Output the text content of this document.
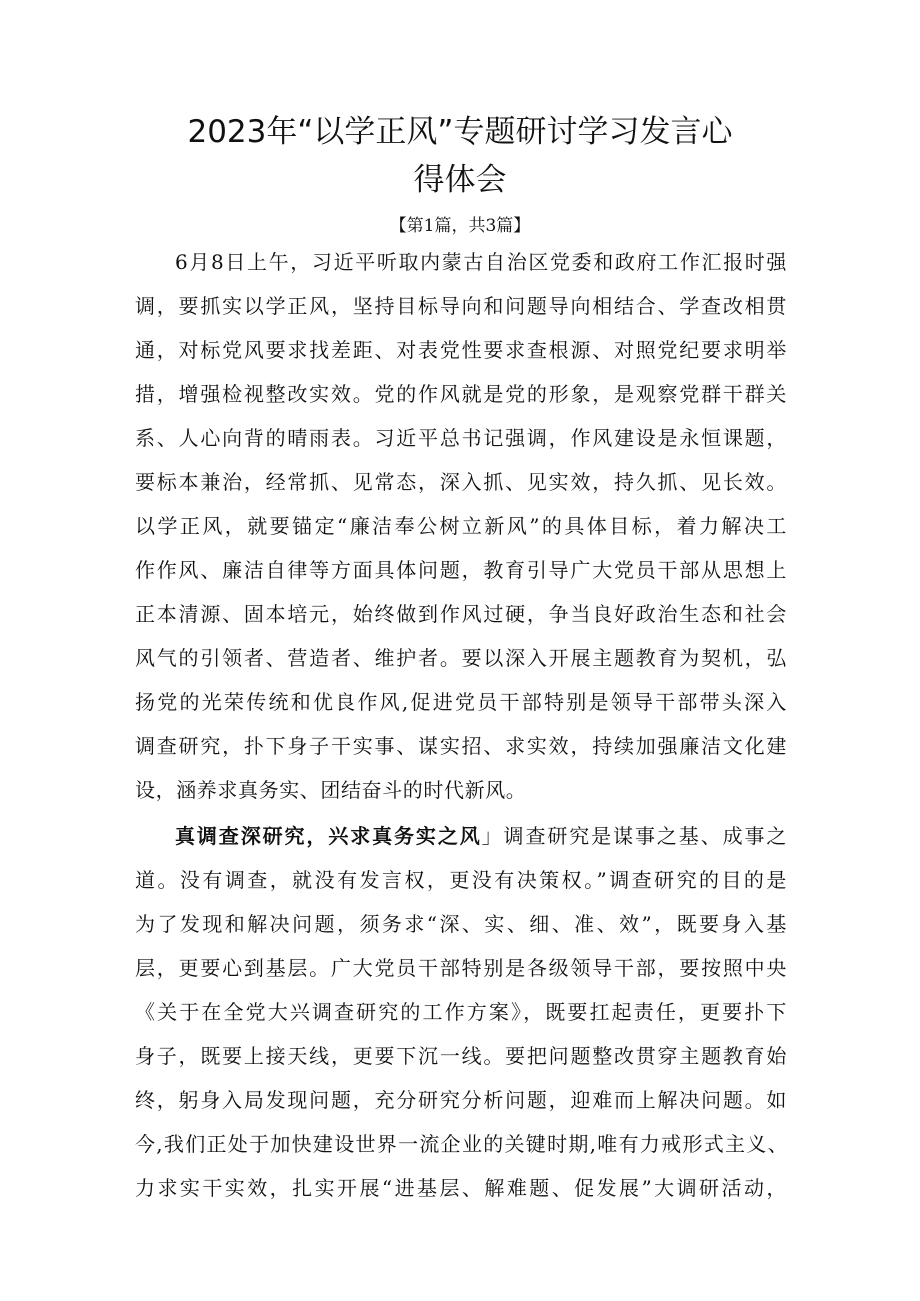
2023年“以学正风”专题研讨学习发言心
得体会

【第1篇，共3篇】

6月8日上午，习近平听取内蒙古自治区党委和政府工作汇报时强

调，要抓实以学正风，坚持目标导向和问题导向相结合、学查改相贯

通，对标党风要求找差距、对表党性要求查根源、对照党纪要求明举

措，增强检视整改实效。党的作风就是党的形象，是观察党群干群关

系、人心向背的晴雨表。习近平总书记强调，作风建设是永恒课题，

要标本兼治，经常抓、见常态，深入抓、见实效，持久抓、见长效。

以学正风，就要锚定“廉洁奉公树立新风”的具体目标，着力解决工

作作风、廉洁自律等方面具体问题，教育引导广大党员干部从思想上

正本清源、固本培元，始终做到作风过硬，争当良好政治生态和社会

风气的引领者、营造者、维护者。要以深入开展主题教育为契机，弘

扬党的光荣传统和优良作风,促进党员干部特别是领导干部带头深入

调查研究，扑下身子干实事、谋实招、求实效，持续加强廉洁文化建

设，涵养求真务实、团结奋斗的时代新风。

真调查深研究，兴求真务实之风」调查研究是谋事之基、成事之

道。没有调查，就没有发言权，更没有决策权。”调查研究的目的是

为了发现和解决问题，须务求“深、实、细、准、效”，既要身入基

层，更要心到基层。广大党员干部特别是各级领导干部，要按照中央

《关于在全党大兴调查研究的工作方案》，既要扛起责任，更要扑下

身子，既要上接天线，更要下沉一线。要把问题整改贯穿主题教育始

终，躬身入局发现问题，充分研究分析问题，迎难而上解决问题。如

今,我们正处于加快建设世界一流企业的关键时期,唯有力戒形式主义、

力求实干实效，扎实开展“进基层、解难题、促发展”大调研活动，
